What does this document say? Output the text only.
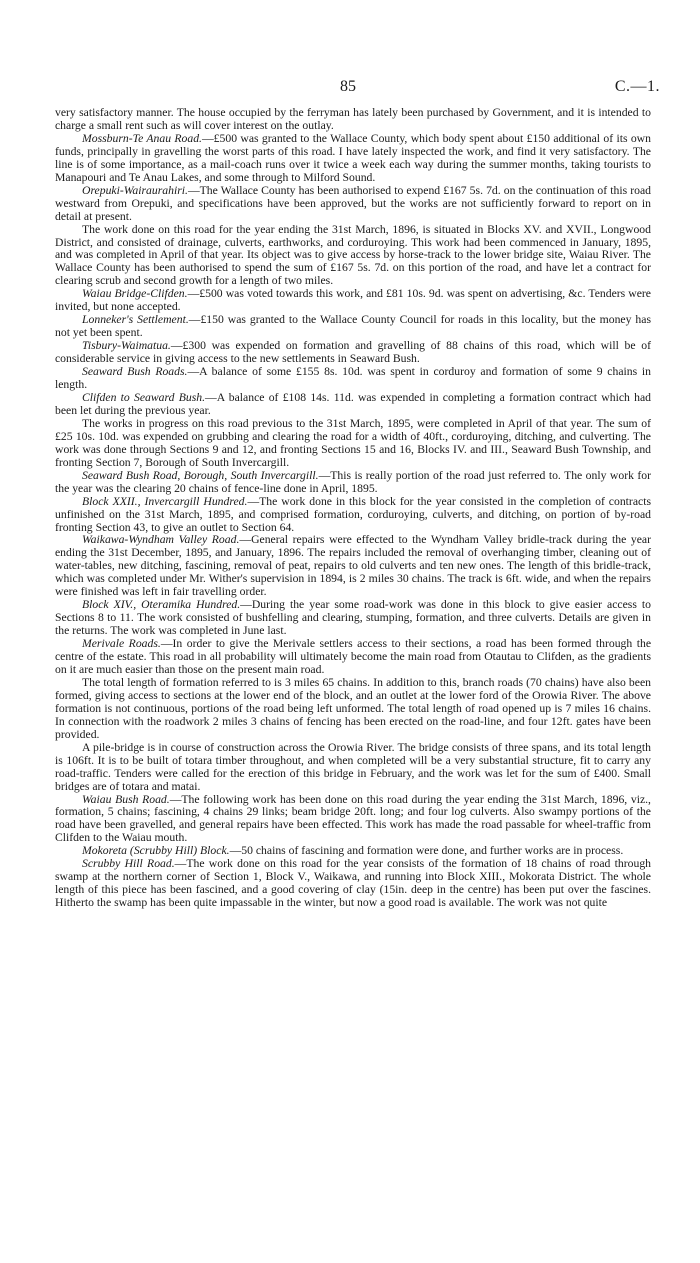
85	C.—1.

very satisfactory manner. The house occupied by the ferryman has lately been purchased by Government, and it is intended to charge a small rent such as will cover interest on the outlay.

Mossburn-Te Anau Road.—£500 was granted to the Wallace County, which body spent about £150 additional of its own funds, principally in gravelling the worst parts of this road. I have lately inspected the work, and find it very satisfactory. The line is of some importance, as a mail-coach runs over it twice a week each way during the summer months, taking tourists to Manapouri and Te Anau Lakes, and some through to Milford Sound.

Orepuki-Wairaurahiri.—The Wallace County has been authorised to expend £167 5s. 7d. on the continuation of this road westward from Orepuki, and specifications have been approved, but the works are not sufficiently forward to report on in detail at present.

The work done on this road for the year ending the 31st March, 1896, is situated in Blocks XV. and XVII., Longwood District, and consisted of drainage, culverts, earthworks, and corduroying. This work had been commenced in January, 1895, and was completed in April of that year. Its object was to give access by horse-track to the lower bridge site, Waiau River. The Wallace County has been authorised to spend the sum of £167 5s. 7d. on this portion of the road, and have let a contract for clearing scrub and second growth for a length of two miles.

Waiau Bridge-Clifden.—£500 was voted towards this work, and £81 10s. 9d. was spent on advertising, &c. Tenders were invited, but none accepted.

Lonneker's Settlement.—£150 was granted to the Wallace County Council for roads in this locality, but the money has not yet been spent.

Tisbury-Waimatua.—£300 was expended on formation and gravelling of 88 chains of this road, which will be of considerable service in giving access to the new settlements in Seaward Bush.

Seaward Bush Roads.—A balance of some £155 8s. 10d. was spent in corduroy and formation of some 9 chains in length.

Clifden to Seaward Bush.—A balance of £108 14s. 11d. was expended in completing a formation contract which had been let during the previous year.

The works in progress on this road previous to the 31st March, 1895, were completed in April of that year. The sum of £25 10s. 10d. was expended on grubbing and clearing the road for a width of 40ft., corduroying, ditching, and culverting. The work was done through Sections 9 and 12, and fronting Sections 15 and 16, Blocks IV. and III., Seaward Bush Township, and fronting Section 7, Borough of South Invercargill.

Seaward Bush Road, Borough, South Invercargill.—This is really portion of the road just referred to. The only work for the year was the clearing 20 chains of fence-line done in April, 1895.

Block XXII., Invercargill Hundred.—The work done in this block for the year consisted in the completion of contracts unfinished on the 31st March, 1895, and comprised formation, corduroying, culverts, and ditching, on portion of by-road fronting Section 43, to give an outlet to Section 64.

Waikawa-Wyndham Valley Road.—General repairs were effected to the Wyndham Valley bridle-track during the year ending the 31st December, 1895, and January, 1896. The repairs included the removal of overhanging timber, cleaning out of water-tables, new ditching, fascining, removal of peat, repairs to old culverts and ten new ones. The length of this bridle-track, which was completed under Mr. Wither's supervision in 1894, is 2 miles 30 chains. The track is 6ft. wide, and when the repairs were finished was left in fair travelling order.

Block XIV., Oteramika Hundred.—During the year some road-work was done in this block to give easier access to Sections 8 to 11. The work consisted of bushfelling and clearing, stumping, formation, and three culverts. Details are given in the returns. The work was completed in June last.

Merivale Roads.—In order to give the Merivale settlers access to their sections, a road has been formed through the centre of the estate. This road in all probability will ultimately become the main road from Otautau to Clifden, as the gradients on it are much easier than those on the present main road.

The total length of formation referred to is 3 miles 65 chains. In addition to this, branch roads (70 chains) have also been formed, giving access to sections at the lower end of the block, and an outlet at the lower ford of the Orowia River. The above formation is not continuous, portions of the road being left unformed. The total length of road opened up is 7 miles 16 chains. In connection with the roadwork 2 miles 3 chains of fencing has been erected on the road-line, and four 12ft. gates have been provided.

A pile-bridge is in course of construction across the Orowia River. The bridge consists of three spans, and its total length is 106ft. It is to be built of totara timber throughout, and when completed will be a very substantial structure, fit to carry any road-traffic. Tenders were called for the erection of this bridge in February, and the work was let for the sum of £400. Small bridges are of totara and matai.

Waiau Bush Road.—The following work has been done on this road during the year ending the 31st March, 1896, viz., formation, 5 chains; fascining, 4 chains 29 links; beam bridge 20ft. long; and four log culverts. Also swampy portions of the road have been gravelled, and general repairs have been effected. This work has made the road passable for wheel-traffic from Clifden to the Waiau mouth.

Mokoreta (Scrubby Hill) Block.—50 chains of fascining and formation were done, and further works are in process.

Scrubby Hill Road.—The work done on this road for the year consists of the formation of 18 chains of road through swamp at the northern corner of Section 1, Block V., Waikawa, and running into Block XIII., Mokorata District. The whole length of this piece has been fascined, and a good covering of clay (15in. deep in the centre) has been put over the fascines. Hitherto the swamp has been quite impassable in the winter, but now a good road is available. The work was not quite
